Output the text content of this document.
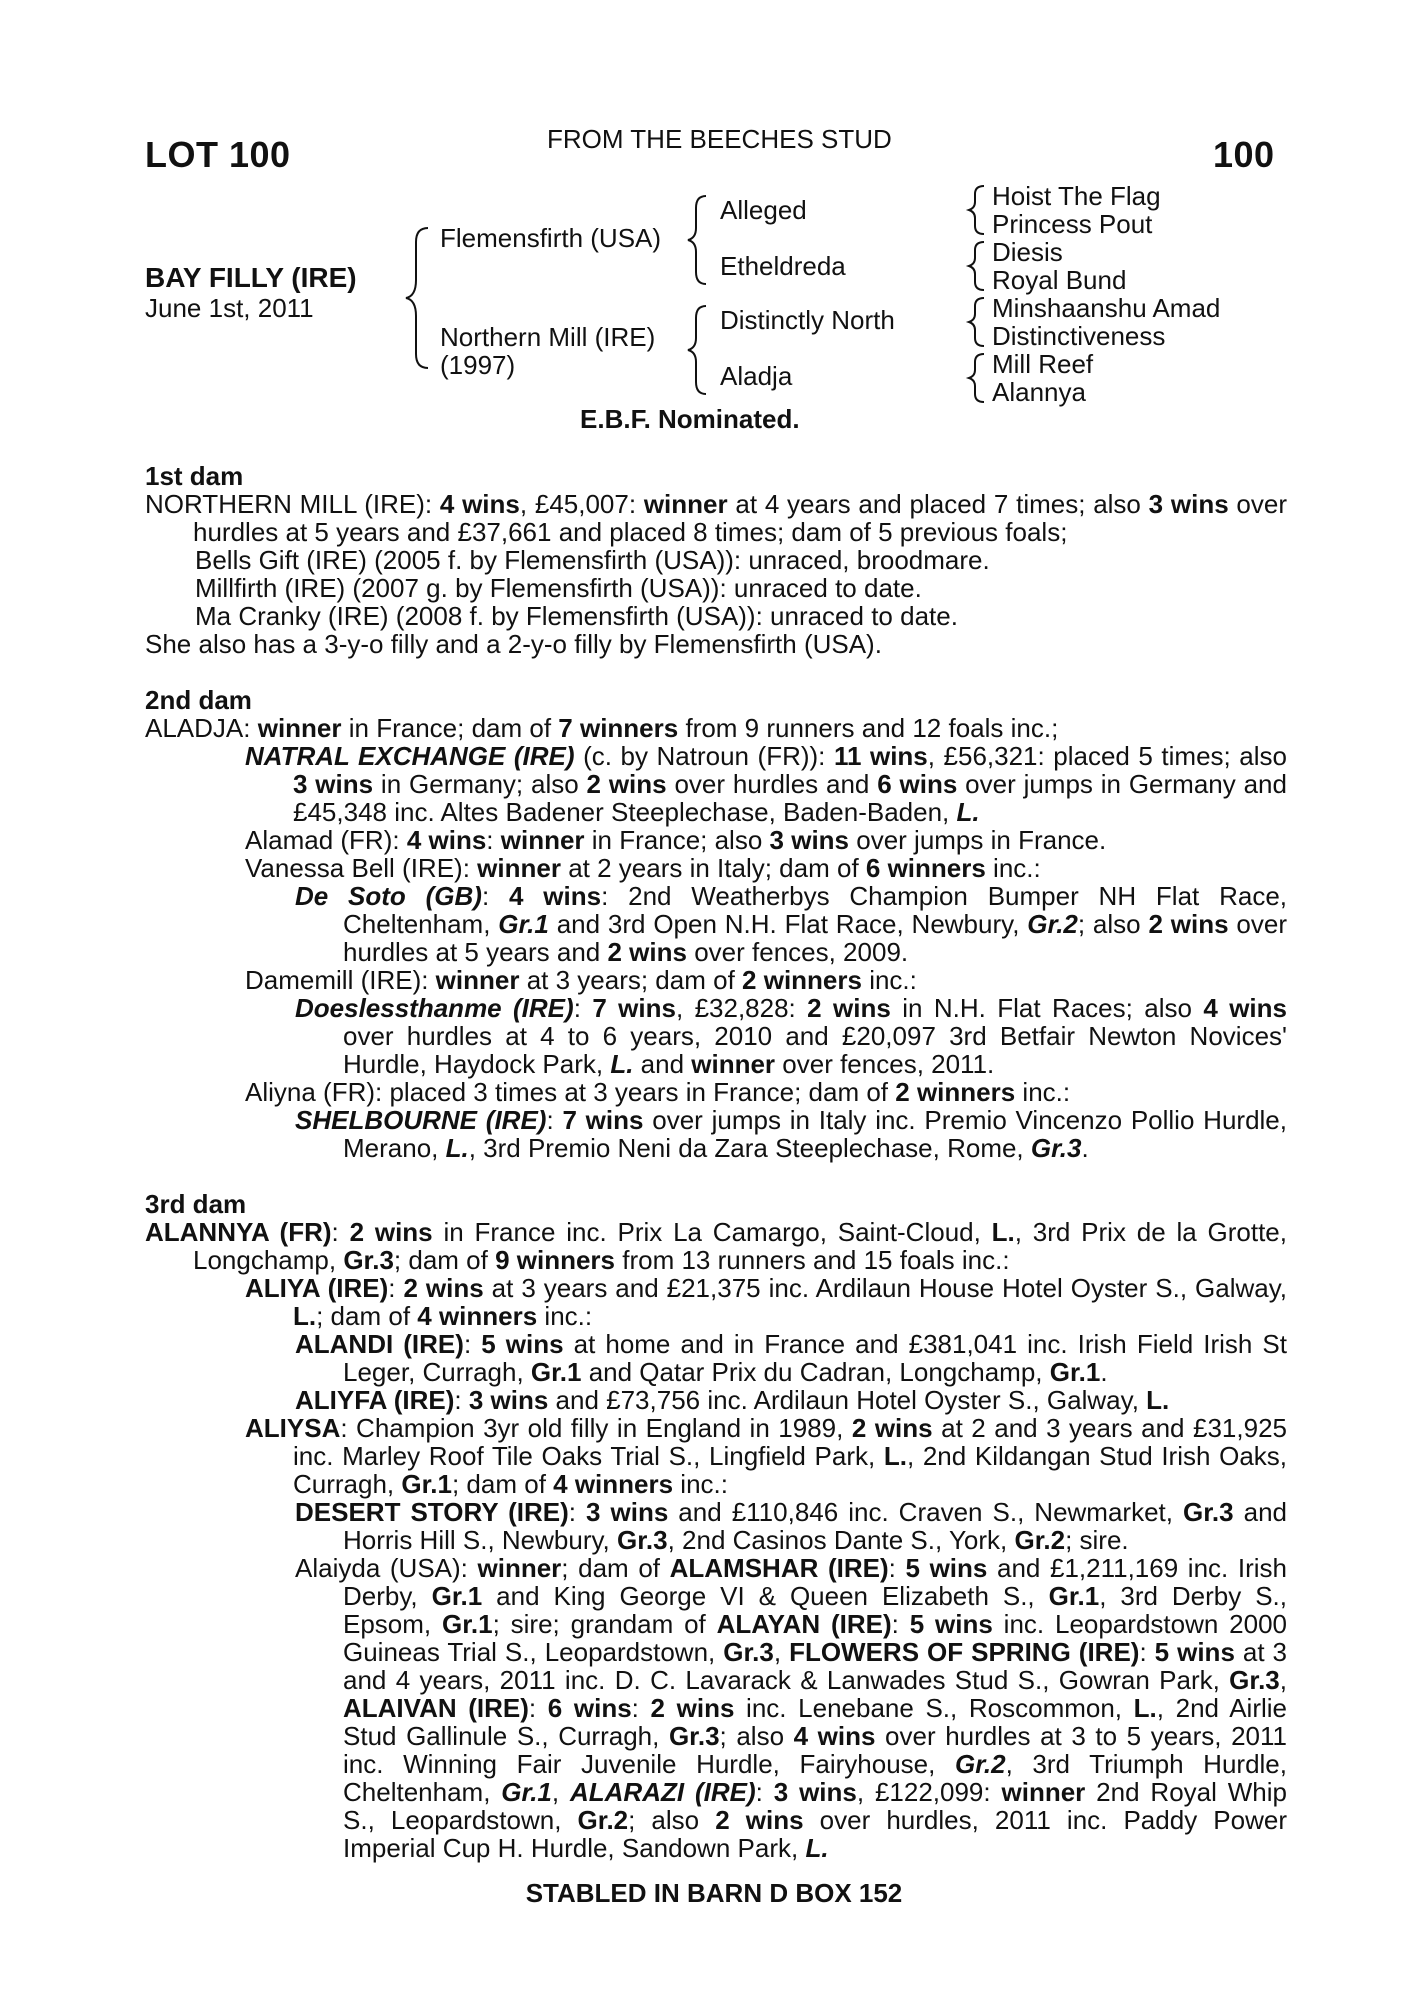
LOT 100	FROM THE BEECHES STUD	100
BAY FILLY (IRE)
June 1st, 2011
Flemensfirth (USA)
Northern Mill (IRE)
(1997)
Alleged
Etheldreda
Distinctly North
Aladja
Hoist The Flag
Princess Pout
Diesis
Royal Bund
Minshaanshu Amad
Distinctiveness
Mill Reef
Alannya
E.B.F. Nominated.
1st dam
NORTHERN MILL (IRE): 4 wins, £45,007: winner at 4 years and placed 7 times; also 3 wins over hurdles at 5 years and £37,661 and placed 8 times; dam of 5 previous foals;
Bells Gift (IRE) (2005 f. by Flemensfirth (USA)): unraced, broodmare.
Millfirth (IRE) (2007 g. by Flemensfirth (USA)): unraced to date.
Ma Cranky (IRE) (2008 f. by Flemensfirth (USA)): unraced to date.
She also has a 3-y-o filly and a 2-y-o filly by Flemensfirth (USA).
2nd dam
ALADJA: winner in France; dam of 7 winners from 9 runners and 12 foals inc.;
NATRAL EXCHANGE (IRE) (c. by Natroun (FR)): 11 wins, £56,321: placed 5 times; also 3 wins in Germany; also 2 wins over hurdles and 6 wins over jumps in Germany and £45,348 inc. Altes Badener Steeplechase, Baden-Baden, L.
Alamad (FR): 4 wins: winner in France; also 3 wins over jumps in France.
Vanessa Bell (IRE): winner at 2 years in Italy; dam of 6 winners inc.:
De Soto (GB): 4 wins: 2nd Weatherbys Champion Bumper NH Flat Race, Cheltenham, Gr.1 and 3rd Open N.H. Flat Race, Newbury, Gr.2; also 2 wins over hurdles at 5 years and 2 wins over fences, 2009.
Damemill (IRE): winner at 3 years; dam of 2 winners inc.:
Doeslessthanme (IRE): 7 wins, £32,828: 2 wins in N.H. Flat Races; also 4 wins over hurdles at 4 to 6 years, 2010 and £20,097 3rd Betfair Newton Novices' Hurdle, Haydock Park, L. and winner over fences, 2011.
Aliyna (FR): placed 3 times at 3 years in France; dam of 2 winners inc.:
SHELBOURNE (IRE): 7 wins over jumps in Italy inc. Premio Vincenzo Pollio Hurdle, Merano, L., 3rd Premio Neni da Zara Steeplechase, Rome, Gr.3.
3rd dam
ALANNYA (FR): 2 wins in France inc. Prix La Camargo, Saint-Cloud, L., 3rd Prix de la Grotte, Longchamp, Gr.3; dam of 9 winners from 13 runners and 15 foals inc.:
ALIYA (IRE): 2 wins at 3 years and £21,375 inc. Ardilaun House Hotel Oyster S., Galway, L.; dam of 4 winners inc.:
ALANDI (IRE): 5 wins at home and in France and £381,041 inc. Irish Field Irish St Leger, Curragh, Gr.1 and Qatar Prix du Cadran, Longchamp, Gr.1.
ALIYFA (IRE): 3 wins and £73,756 inc. Ardilaun Hotel Oyster S., Galway, L.
ALIYSA: Champion 3yr old filly in England in 1989, 2 wins at 2 and 3 years and £31,925 inc. Marley Roof Tile Oaks Trial S., Lingfield Park, L., 2nd Kildangan Stud Irish Oaks, Curragh, Gr.1; dam of 4 winners inc.:
DESERT STORY (IRE): 3 wins and £110,846 inc. Craven S., Newmarket, Gr.3 and Horris Hill S., Newbury, Gr.3, 2nd Casinos Dante S., York, Gr.2; sire.
Alaiyda (USA): winner; dam of ALAMSHAR (IRE): 5 wins and £1,211,169 inc. Irish Derby, Gr.1 and King George VI & Queen Elizabeth S., Gr.1, 3rd Derby S., Epsom, Gr.1; sire; grandam of ALAYAN (IRE): 5 wins inc. Leopardstown 2000 Guineas Trial S., Leopardstown, Gr.3, FLOWERS OF SPRING (IRE): 5 wins at 3 and 4 years, 2011 inc. D. C. Lavarack & Lanwades Stud S., Gowran Park, Gr.3, ALAIVAN (IRE): 6 wins: 2 wins inc. Lenebane S., Roscommon, L., 2nd Airlie Stud Gallinule S., Curragh, Gr.3; also 4 wins over hurdles at 3 to 5 years, 2011 inc. Winning Fair Juvenile Hurdle, Fairyhouse, Gr.2, 3rd Triumph Hurdle, Cheltenham, Gr.1, ALARAZI (IRE): 3 wins, £122,099: winner 2nd Royal Whip S., Leopardstown, Gr.2; also 2 wins over hurdles, 2011 inc. Paddy Power Imperial Cup H. Hurdle, Sandown Park, L.
STABLED IN BARN D BOX 152
